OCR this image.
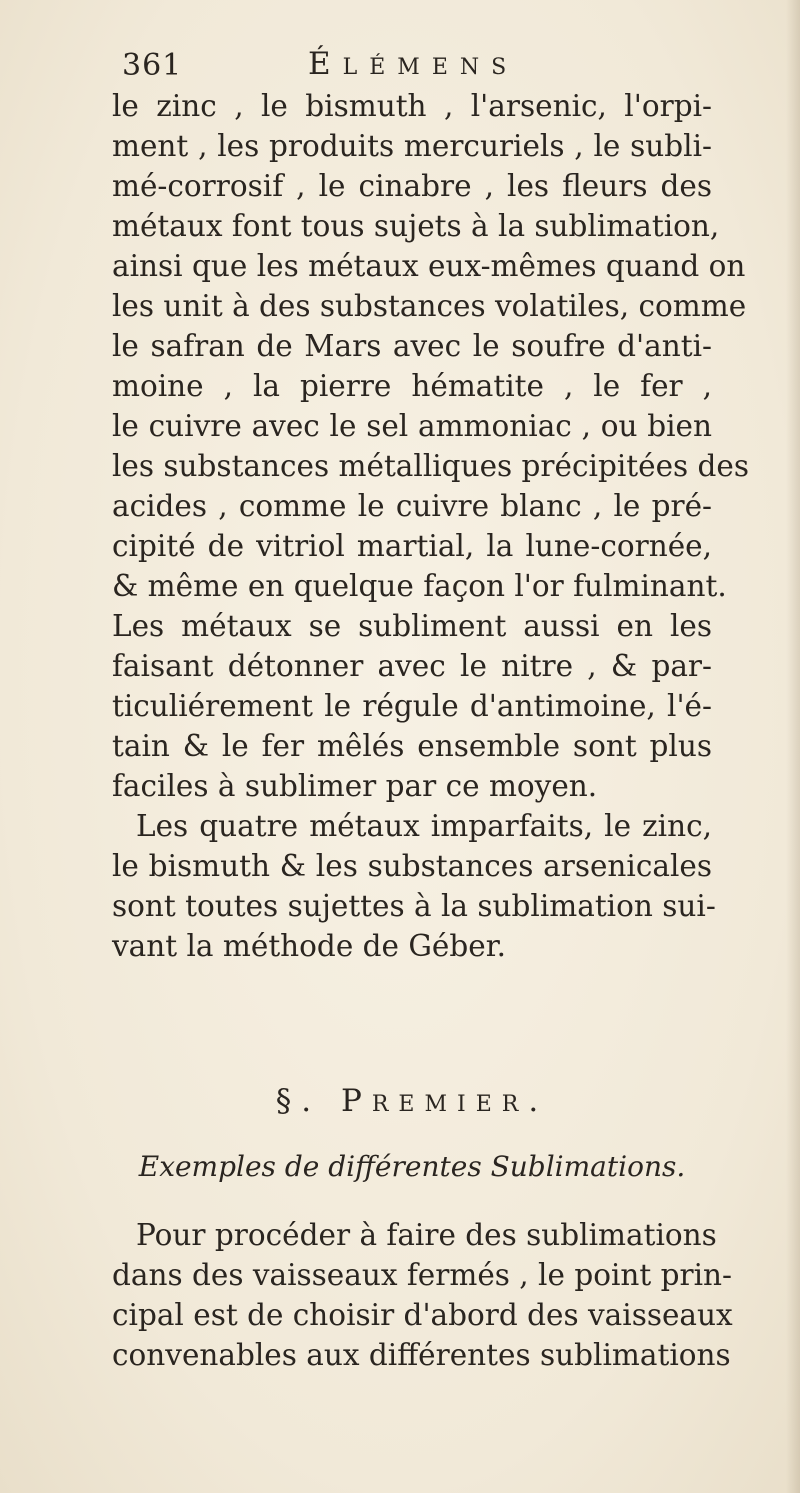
361	Élémens
le zinc , le bismuth , l'arsenic, l'orpi-
ment , les produits mercuriels , le subli-
mé-corrosif , le cinabre , les fleurs des
métaux font tous sujets à la sublimation,
ainsi que les métaux eux-mêmes quand on
les unit à des substances volatiles, comme
le safran de Mars avec le soufre d'anti-
moine , la pierre hématite , le fer ,
le cuivre avec le sel ammoniac , ou bien
les substances métalliques précipitées des
acides , comme le cuivre blanc , le pré-
cipité de vitriol martial, la lune-cornée,
& même en quelque façon l'or fulminant.
Les métaux se subliment aussi en les
faisant détonner avec le nitre , & par-
ticuliérement le régule d'antimoine, l'é-
tain & le fer mêlés ensemble sont plus
faciles à sublimer par ce moyen.
Les quatre métaux imparfaits, le zinc,
le bismuth & les substances arsenicales
sont toutes sujettes à la sublimation sui-
vant la méthode de Géber.
§. Premier.
Exemples de différentes Sublimations.
Pour procéder à faire des sublimations
dans des vaisseaux fermés , le point prin-
cipal est de choisir d'abord des vaisseaux
convenables aux différentes sublimations
